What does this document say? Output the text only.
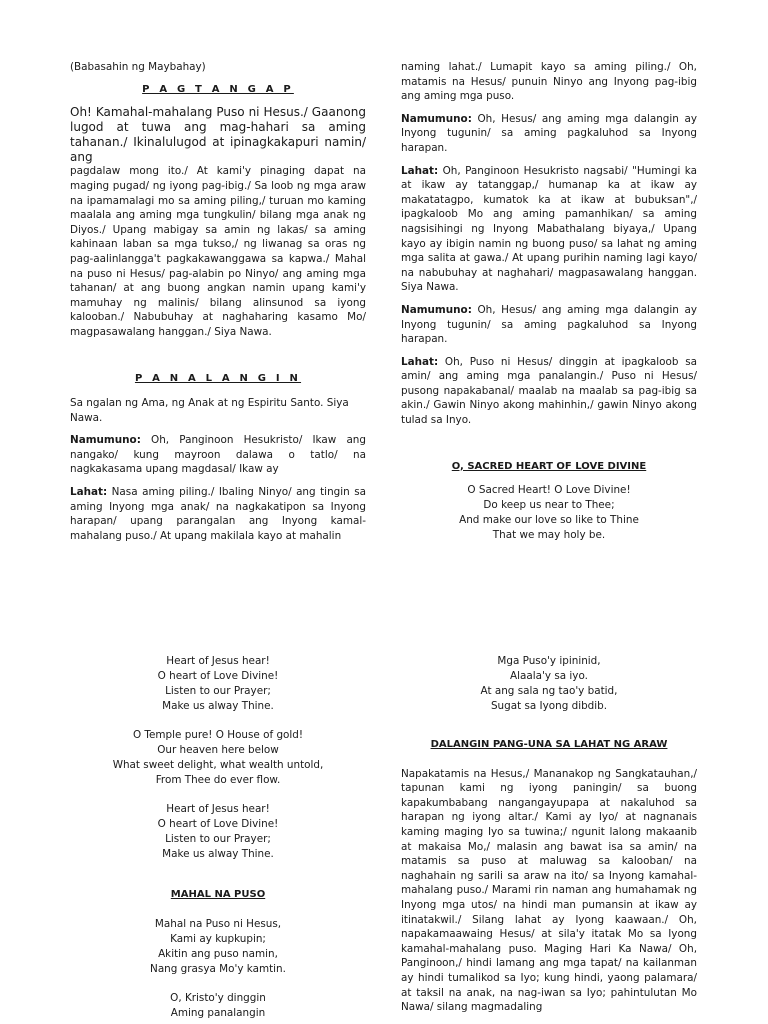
(Babasahin ng Maybahay)

P A G T A N G A P

Oh! Kamahal-mahalang Puso ni Hesus./ Gaanong lugod at tuwa ang mag-hahari sa aming tahanan./ Ikinalulugod at ipinagkakapuri namin/ ang

pagdalaw mong ito./ At kami'y pinaging dapat na maging pugad/ ng iyong pag-ibig./ Sa loob ng mga araw na ipamamalagi mo sa aming piling,/ turuan mo kaming maalala ang aming mga tungkulin/ bilang mga anak ng Diyos./ Upang mabigay sa amin ng lakas/ sa aming kahinaan laban sa mga tukso,/ ng liwanag sa oras ng pag-aalinlangga't pagkakawanggawa sa kapwa./ Mahal na puso ni Hesus/ pag-alabin po Ninyo/ ang aming mga tahanan/ at ang buong angkan namin upang kami'y mamuhay ng malinis/ bilang alinsunod sa iyong kalooban./ Nabubuhay at naghaharing kasamo Mo/ magpasawalang hanggan./ Siya Nawa.

P A N A L A N G I N

Sa ngalan ng Ama, ng Anak at ng Espiritu Santo. Siya Nawa.

Namumuno: Oh, Panginoon Hesukristo/ Ikaw ang nangako/ kung mayroon dalawa o tatlo/ na nagkakasama upang magdasal/ Ikaw ay

Lahat: Nasa aming piling./ Ibaling Ninyo/ ang tingin sa aming Inyong mga anak/ na nagkakatipon sa Inyong harapan/ upang parangalan ang Inyong kamal-mahalang puso./ At upang makilala kayo at mahalin

naming lahat./ Lumapit kayo sa aming piling./ Oh, matamis na Hesus/ punuin Ninyo ang Inyong pag-ibig ang aming mga puso.

Namumuno: Oh, Hesus/ ang aming mga dalangin ay Inyong tugunin/ sa aming pagkaluhod sa Inyong harapan.

Lahat: Oh, Panginoon Hesukristo nagsabi/ "Humingi ka at ikaw ay tatanggap,/ humanap ka at ikaw ay makatatagpo, kumatok ka at ikaw at bubuksan",/ ipagkaloob Mo ang aming pamanhikan/ sa aming nagsisihingi ng Inyong Mabathalang biyaya,/ Upang kayo ay ibigin namin ng buong puso/ sa lahat ng aming mga salita at gawa./ At upang purihin naming lagi kayo/ na nabubuhay at naghahari/ magpasawalang hanggan. Siya Nawa.

Namumuno: Oh, Hesus/ ang aming mga dalangin ay Inyong tugunin/ sa aming pagkaluhod sa Inyong harapan.

Lahat: Oh, Puso ni Hesus/ dinggin at ipagkaloob sa amin/ ang aming mga panalangin./ Puso ni Hesus/ pusong napakabanal/ maalab na maalab sa pag-ibig sa akin./ Gawin Ninyo akong mahinhin,/ gawin Ninyo akong tulad sa Inyo.

O, SACRED HEART OF LOVE DIVINE

O Sacred Heart! O Love Divine!

Do keep us near to Thee;

And make our love so like to Thine

That we may holy be.

Heart of Jesus hear!

O heart of Love Divine!

Listen to our Prayer;

Make us alway Thine.

O Temple pure! O House of gold!

Our heaven here below

What sweet delight, what wealth untold,

From Thee do ever flow.

Heart of Jesus hear!

O heart of Love Divine!

Listen to our Prayer;

Make us alway Thine.

MAHAL NA PUSO

Mahal na Puso ni Hesus,

Kami ay kupkupin;

Akitin ang puso namin,

Nang grasya Mo'y kamtin.

O, Kristo'y dinggin

Aming panalangin

Mga Puso'y ipininid,

Alaala'y sa iyo.

At ang sala ng tao'y batid,

Sugat sa Iyong dibdib.

DALANGIN PANG-UNA SA LAHAT NG ARAW

Napakatamis na Hesus,/ Mananakop ng Sangkatauhan,/ tapunan kami ng iyong paningin/ sa buong kapakumbabang nangangayupapa at nakaluhod sa harapan ng iyong altar./ Kami ay Iyo/ at nagnanais kaming maging Iyo sa tuwina;/ ngunit lalong makaanib at makaisa Mo,/ malasin ang bawat isa sa amin/ na matamis sa puso at maluwag sa kalooban/ na naghahain ng sarili sa araw na ito/ sa Inyong kamahal-mahalang puso./ Marami rin naman ang humahamak ng Inyong mga utos/ na hindi man pumansin at ikaw ay itinatakwil./ Silang lahat ay Iyong kaawaan./ Oh, napakamaawaing Hesus/ at sila'y itatak Mo sa Iyong kamahal-mahalang puso. Maging Hari Ka Nawa/ Oh, Panginoon,/ hindi lamang ang mga tapat/ na kailanman ay hindi tumalikod sa Iyo; kung hindi, yaong palamara/ at taksil na anak, na nag-iwan sa Iyo; pahintulutan Mo Nawa/ silang magmadaling
